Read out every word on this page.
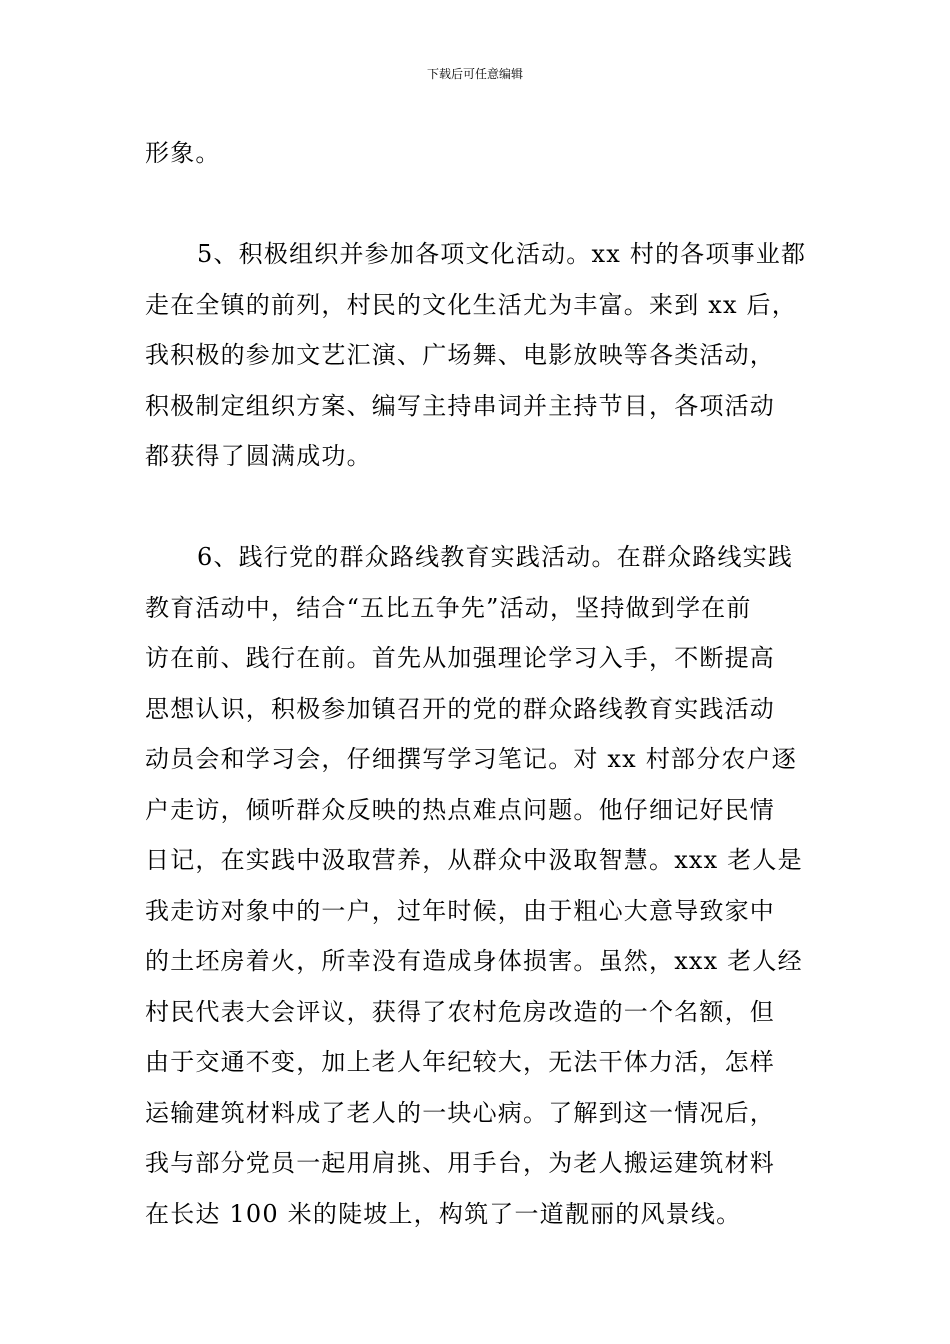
下载后可任意编辑
形象。
5、积极组织并参加各项文化活动。xx 村的各项事业都
走在全镇的前列，村民的文化生活尤为丰富。来到 xx 后，
我积极的参加文艺汇演、广场舞、电影放映等各类活动，
积极制定组织方案、编写主持串词并主持节目，各项活动
都获得了圆满成功。
6、践行党的群众路线教育实践活动。在群众路线实践
教育活动中，结合“五比五争先”活动，坚持做到学在前
访在前、践行在前。首先从加强理论学习入手，不断提高
思想认识，积极参加镇召开的党的群众路线教育实践活动
动员会和学习会，仔细撰写学习笔记。对 xx 村部分农户逐
户走访，倾听群众反映的热点难点问题。他仔细记好民情
日记，在实践中汲取营养，从群众中汲取智慧。xxx 老人是
我走访对象中的一户，过年时候，由于粗心大意导致家中
的土坯房着火，所幸没有造成身体损害。虽然，xxx 老人经
村民代表大会评议，获得了农村危房改造的一个名额，但
由于交通不变，加上老人年纪较大，无法干体力活，怎样
运输建筑材料成了老人的一块心病。了解到这一情况后，
我与部分党员一起用肩挑、用手台，为老人搬运建筑材料
在长达 100 米的陡坡上，构筑了一道靓丽的风景线。
